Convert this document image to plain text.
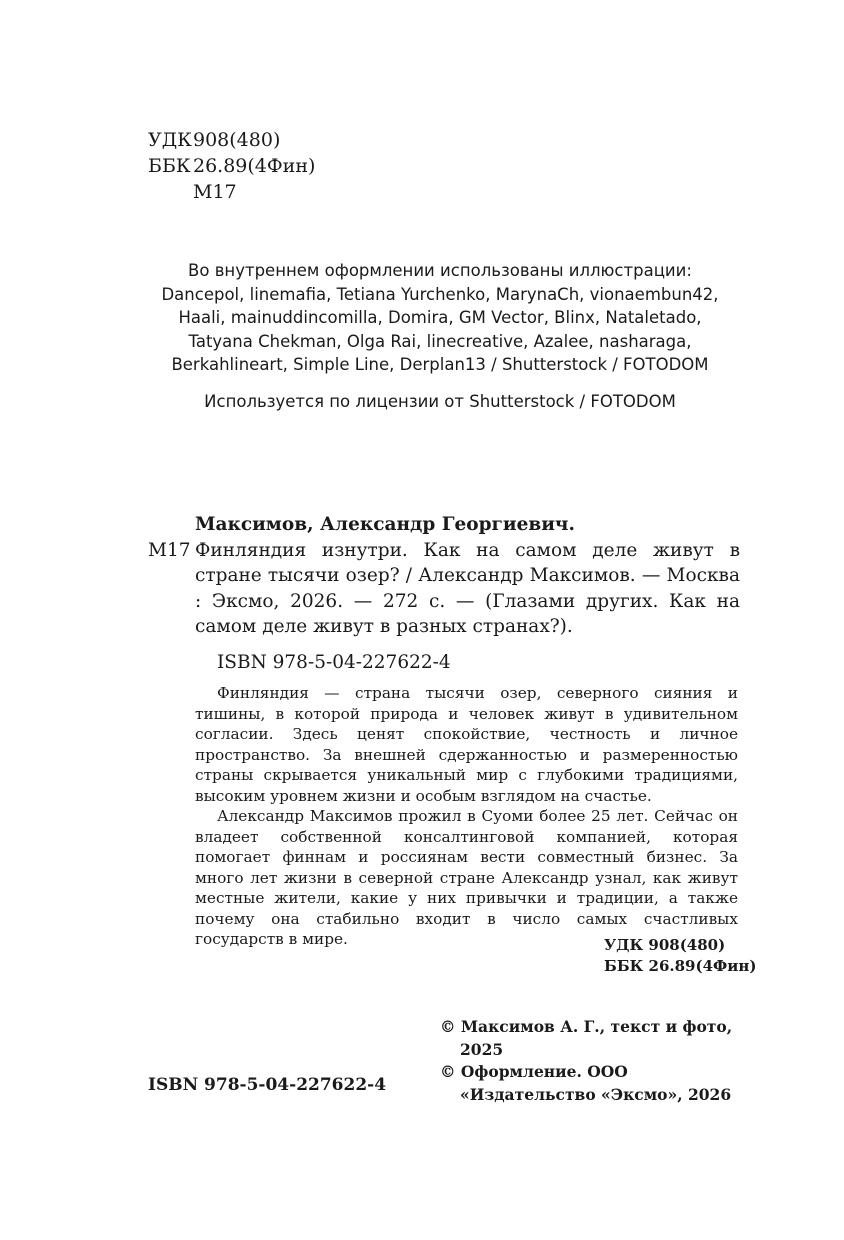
УДК 908(480)
ББК 26.89(4Фин)
М17
Во внутреннем оформлении использованы иллюстрации:
Dancepol, linemafia, Tetiana Yurchenko, MarynaCh, vionaembun42,
Haali, mainuddincomilla, Domira, GM Vector, Blinx, Nataletado,
Tatyana Chekman, Olga Rai, linecreative, Azalee, nasharaga,
Berkahlineart, Simple Line, Derplan13 / Shutterstock / FOTODOM
Используется по лицензии от Shutterstock / FOTODOM
Максимов, Александр Георгиевич.
М17 Финляндия изнутри. Как на самом деле живут в стране тысячи озер? / Александр Максимов. — Москва : Эксмо, 2026. — 272 с. — (Глазами других. Как на самом деле живут в разных странах?).
ISBN 978-5-04-227622-4

Финляндия — страна тысячи озер, северного сияния и тишины, в которой природа и человек живут в удивительном согласии. Здесь ценят спокойствие, честность и личное пространство. За внешней сдержанностью и размеренностью страны скрывается уникальный мир с глубокими традициями, высоким уровнем жизни и особым взглядом на счастье.

Александр Максимов прожил в Суоми более 25 лет. Сейчас он владеет собственной консалтинговой компанией, которая помогает финнам и россиянам вести совместный бизнес. За много лет жизни в северной стране Александр узнал, как живут местные жители, какие у них привычки и традиции, а также почему она стабильно входит в число самых счастливых государств в мире.	УДК 908(480)
ББК 26.89(4Фин)
ISBN 978-5-04-227622-4
© Максимов А. Г., текст и фото, 2025
© Оформление. ООО «Издательство «Эксмо», 2026
